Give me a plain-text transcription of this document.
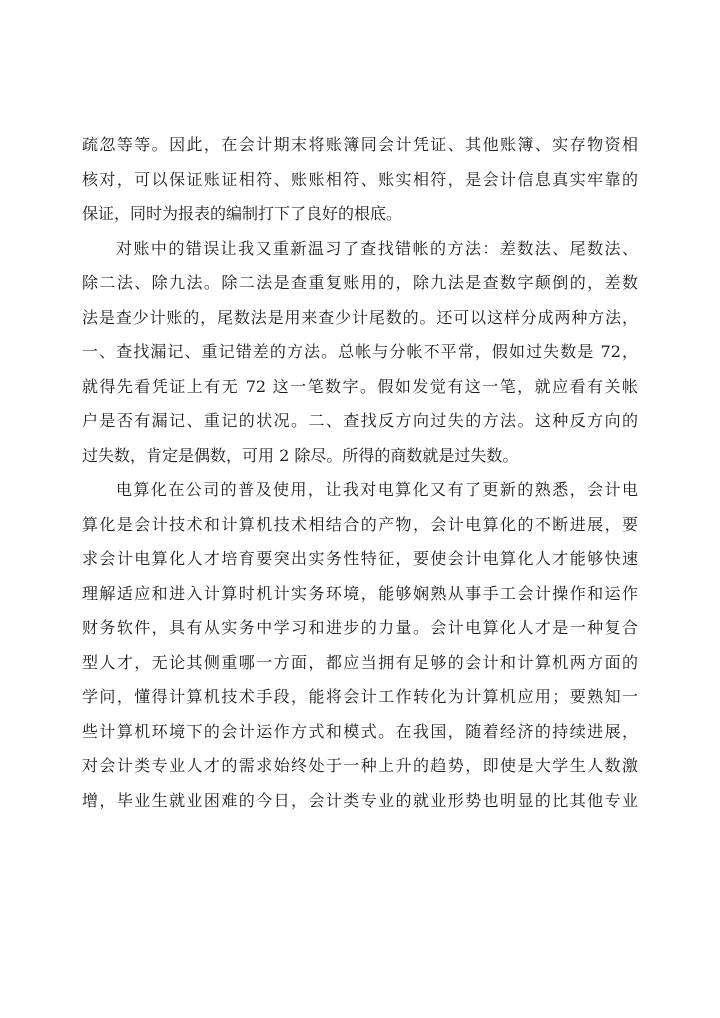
疏忽等等。因此，在会计期末将账簿同会计凭证、其他账簿、实存物资相
核对，可以保证账证相符、账账相符、账实相符，是会计信息真实牢靠的
保证，同时为报表的编制打下了良好的根底。
对账中的错误让我又重新温习了查找错帐的方法：差数法、尾数法、
除二法、除九法。除二法是查重复账用的，除九法是查数字颠倒的，差数
法是查少计账的，尾数法是用来查少计尾数的。还可以这样分成两种方法，
一、查找漏记、重记错差的方法。总帐与分帐不平常，假如过失数是 72，
就得先看凭证上有无 72 这一笔数字。假如发觉有这一笔，就应看有关帐
户是否有漏记、重记的状况。二、查找反方向过失的方法。这种反方向的
过失数，肯定是偶数，可用 2 除尽。所得的商数就是过失数。
电算化在公司的普及使用，让我对电算化又有了更新的熟悉，会计电
算化是会计技术和计算机技术相结合的产物，会计电算化的不断进展，要
求会计电算化人才培育要突出实务性特征，要使会计电算化人才能够快速
理解适应和进入计算时机计实务环境，能够娴熟从事手工会计操作和运作
财务软件，具有从实务中学习和进步的力量。会计电算化人才是一种复合
型人才，无论其侧重哪一方面，都应当拥有足够的会计和计算机两方面的
学问，懂得计算机技术手段，能将会计工作转化为计算机应用；要熟知一
些计算机环境下的会计运作方式和模式。在我国，随着经济的持续进展，
对会计类专业人才的需求始终处于一种上升的趋势，即使是大学生人数激
增，毕业生就业困难的今日，会计类专业的就业形势也明显的比其他专业
